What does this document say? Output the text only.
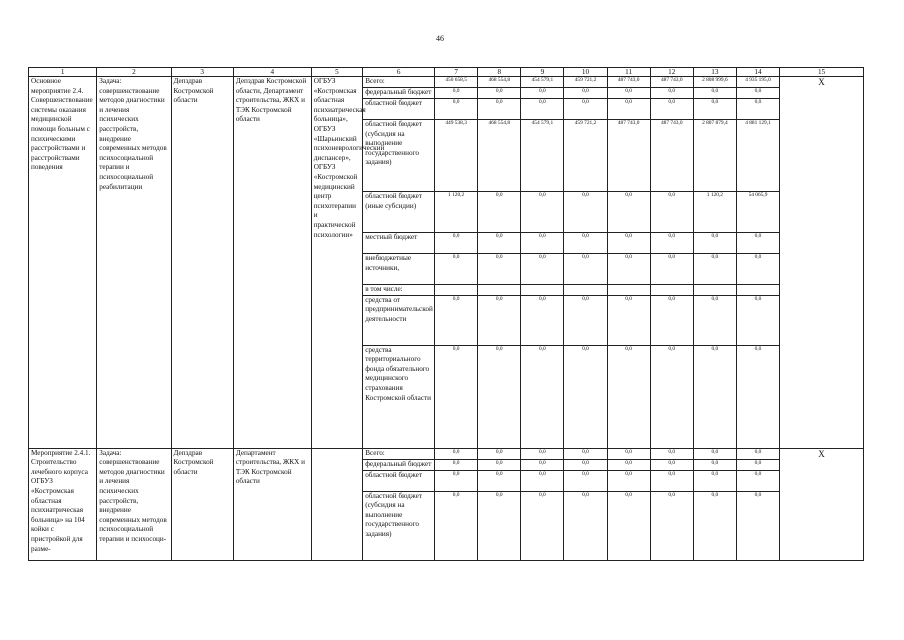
46
1	2	3	4	5	6	7	8	9	10	11	12	13	14	15
Основное мероприятие 2.4. Совершенствование системы оказания медицинской помощи больным с психическими расстройствами и расстройствами поведения	Задача: совершенствование методов диагностики и лечения психических расстройств, внедрение современных методов психосоциальной терапии и психосоциальной реабилитации	Депздрав Костромской области	Депздрав Костромской области, Департамент строительства, ЖКХ и ТЭК Костромской области	ОГБУЗ «Костромская областная психиатрическая больница», ОГБУЗ «Шарьинский психоневрологический диспансер», ОГБУЗ «Костромской медицинский центр психотерапии и практической психологии»	Всего:	450 658,5	468 554,8	454 579,1	459 721,2	487 743,0	487 743,0	2 808 999,6	4 935 195,0	X
					федеральный бюджет	0,0	0,0	0,0	0,0	0,0	0,0	0,0	0,0	
					областной бюджет	0,0	0,0	0,0	0,0	0,0	0,0	0,0	0,0	
					областной бюджет (субсидия на выполнение государственного задания)	449 538,3	468 554,8	454 579,1	459 721,2	487 743,0	487 743,0	2 807 879,4	4 881 129,1	
					областной бюджет (иные субсидии)	1 120,2	0,0	0,0	0,0	0,0	0,0	1 120,2	54 065,9	
					местный бюджет	0,0	0,0	0,0	0,0	0,0	0,0	0,0	0,0	
					внебюджетные источники,	0,0	0,0	0,0	0,0	0,0	0,0	0,0	0,0	
					в том числе:									
					средства от предпринимательской деятельности	0,0	0,0	0,0	0,0	0,0	0,0	0,0	0,0	
					средства территориального фонда обязательного медицинского страхования Костромской области	0,0	0,0	0,0	0,0	0,0	0,0	0,0	0,0	
Мероприятие 2.4.1. Строительство лечебного корпуса ОГБУЗ «Костромская областная психиатрическая больница» на 104 койки с пристройкой для разме-	Задача: совершенствование методов диагностики и лечения психических расстройств, внедрение современных методов психосоциальной терапии и психосоци-	Депздрав Костромской области	Департамент строительства, ЖКХ и ТЭК Костромской области		Всего:	0,0	0,0	0,0	0,0	0,0	0,0	0,0	0,0	X
					федеральный бюджет	0,0	0,0	0,0	0,0	0,0	0,0	0,0	0,0	
					областной бюджет	0,0	0,0	0,0	0,0	0,0	0,0	0,0	0,0	
					областной бюджет (субсидия на выполнение государственного задания)	0,0	0,0	0,0	0,0	0,0	0,0	0,0	0,0	
